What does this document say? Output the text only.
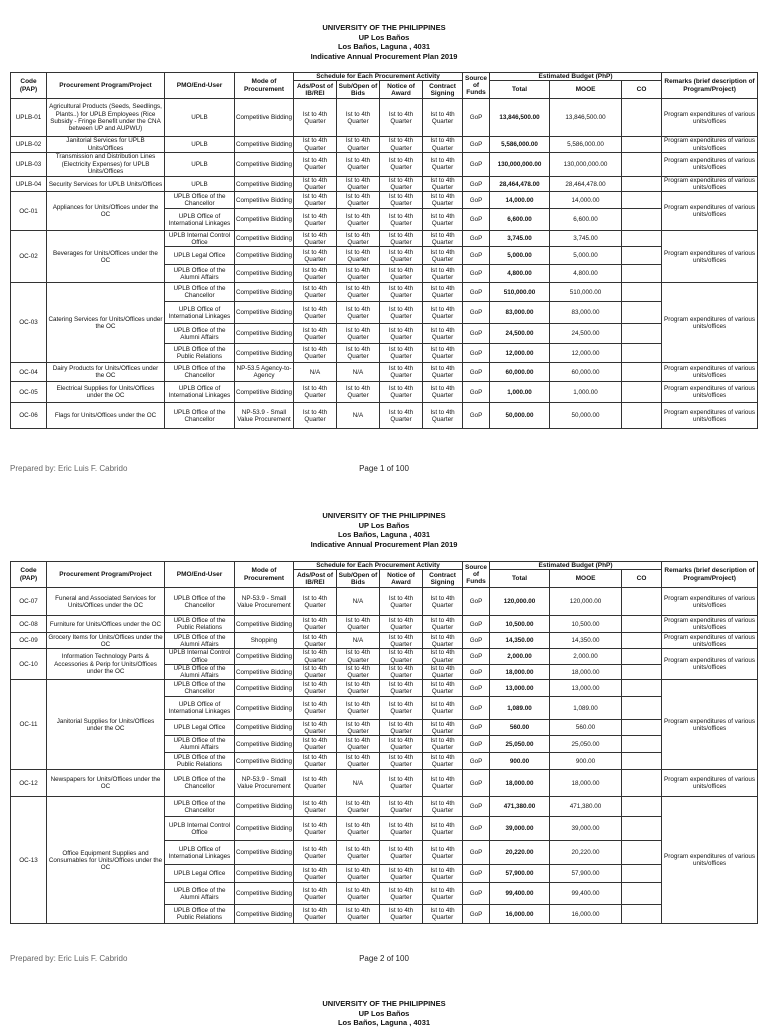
UNIVERSITY OF THE PHILIPPINES
UP Los Baños
Los Baños, Laguna , 4031
Indicative Annual Procurement Plan 2019
Code (PAP)	Procurement Program/Project	PMO/End-User	Mode of Procurement	Schedule for Each Procurement Activity				Source of Funds	Estimated Budget (PhP)			Remarks (brief description of Program/Project)
				Ads/Post of IB/REI	Sub/Open of Bids	Notice of Award	Contract Signing		Total	MOOE	CO	
UPLB-01	Agricultural Products (Seeds, Seedlings, Plants..) for UPLB Employees (Rice Subsidy - Fringe Benefit under the CNA between UP and AUPWU)	UPLB	Competitive Bidding	Ist to 4th Quarter	Ist to 4th Quarter	Ist to 4th Quarter	Ist to 4th Quarter	GoP	13,846,500.00	13,846,500.00		Program expenditures of various units/offices
UPLB-02	Janitorial Services for UPLB Units/Offices	UPLB	Competitive Bidding	Ist to 4th Quarter	Ist to 4th Quarter	Ist to 4th Quarter	Ist to 4th Quarter	GoP	5,586,000.00	5,586,000.00		Program expenditures of various units/offices
UPLB-03	Transmission and Distribution Lines (Electricity Expenses) for UPLB Units/Offices	UPLB	Competitive Bidding	Ist to 4th Quarter	Ist to 4th Quarter	Ist to 4th Quarter	Ist to 4th Quarter	GoP	130,000,000.00	130,000,000.00		Program expenditures of various units/offices
UPLB-04	Security Services for UPLB Units/Offices	UPLB	Competitive Bidding	Ist to 4th Quarter	Ist to 4th Quarter	Ist to 4th Quarter	Ist to 4th Quarter	GoP	28,464,478.00	28,464,478.00		Program expenditures of various units/offices
OC-01	Appliances for Units/Offices under the OC	UPLB Office of the Chancellor	Competitive Bidding	Ist to 4th Quarter	Ist to 4th Quarter	Ist to 4th Quarter	Ist to 4th Quarter	GoP	14,000.00	14,000.00		Program expenditures of various units/offices
		UPLB Office of International Linkages	Competitive Bidding	Ist to 4th Quarter	Ist to 4th Quarter	Ist to 4th Quarter	Ist to 4th Quarter	GoP	6,600.00	6,600.00		
OC-02	Beverages for Units/Offices under the OC	UPLB Internal Control Office	Competitive Bidding	Ist to 4th Quarter	Ist to 4th Quarter	Ist to 4th Quarter	Ist to 4th Quarter	GoP	3,745.00	3,745.00		Program expenditures of various units/offices
		UPLB Legal Office	Competitive Bidding	Ist to 4th Quarter	Ist to 4th Quarter	Ist to 4th Quarter	Ist to 4th Quarter	GoP	5,000.00	5,000.00		
		UPLB Office of the Alumni Affairs	Competitive Bidding	Ist to 4th Quarter	Ist to 4th Quarter	Ist to 4th Quarter	Ist to 4th Quarter	GoP	4,800.00	4,800.00		
OC-03	Catering Services for Units/Offices under the OC	UPLB Office of the Chancellor	Competitive Bidding	Ist to 4th Quarter	Ist to 4th Quarter	Ist to 4th Quarter	Ist to 4th Quarter	GoP	510,000.00	510,000.00		Program expenditures of various units/offices
		UPLB Office of International Linkages	Competitive Bidding	Ist to 4th Quarter	Ist to 4th Quarter	Ist to 4th Quarter	Ist to 4th Quarter	GoP	83,000.00	83,000.00		
		UPLB Office of the Alumni Affairs	Competitive Bidding	Ist to 4th Quarter	Ist to 4th Quarter	Ist to 4th Quarter	Ist to 4th Quarter	GoP	24,500.00	24,500.00		
		UPLB Office of the Public Relations	Competitive Bidding	Ist to 4th Quarter	Ist to 4th Quarter	Ist to 4th Quarter	Ist to 4th Quarter	GoP	12,000.00	12,000.00		
OC-04	Dairy Products for Units/Offices under the OC	UPLB Office of the Chancellor	NP-53.5 Agency-to-Agency	N/A	N/A	Ist to 4th Quarter	Ist to 4th Quarter	GoP	60,000.00	60,000.00		Program expenditures of various units/offices
OC-05	Electrical Supplies for Units/Offices under the OC	UPLB Office of International Linkages	Competitive Bidding	Ist to 4th Quarter	Ist to 4th Quarter	Ist to 4th Quarter	Ist to 4th Quarter	GoP	1,000.00	1,000.00		Program expenditures of various units/offices
OC-06	Flags for Units/Offices under the OC	UPLB Office of the Chancellor	NP-53.9 - Small Value Procurement	Ist to 4th Quarter	N/A	Ist to 4th Quarter	Ist to 4th Quarter	GoP	50,000.00	50,000.00		Program expenditures of various units/offices
Prepared by: Eric Luis F. Cabrido	Page 1 of 100
UNIVERSITY OF THE PHILIPPINES
UP Los Baños
Los Baños, Laguna , 4031
Indicative Annual Procurement Plan 2019
Code (PAP)	Procurement Program/Project	PMO/End-User	Mode of Procurement	Schedule for Each Procurement Activity				Source of Funds	Estimated Budget (PhP)			Remarks (brief description of Program/Project)
				Ads/Post of IB/REI	Sub/Open of Bids	Notice of Award	Contract Signing		Total	MOOE	CO	
OC-07	Funeral and Associated Services for Units/Offices under the OC	UPLB Office of the Chancellor	NP-53.9 - Small Value Procurement	Ist to 4th Quarter	N/A	Ist to 4th Quarter	Ist to 4th Quarter	GoP	120,000.00	120,000.00		Program expenditures of various units/offices
OC-08	Furniture for Units/Offices under the OC	UPLB Office of the Public Relations	Competitive Bidding	Ist to 4th Quarter	Ist to 4th Quarter	Ist to 4th Quarter	Ist to 4th Quarter	GoP	10,500.00	10,500.00		Program expenditures of various units/offices
OC-09	Grocery Items for Units/Offices under the OC	UPLB Office of the Alumni Affairs	Shopping	Ist to 4th Quarter	N/A	Ist to 4th Quarter	Ist to 4th Quarter	GoP	14,350.00	14,350.00		Program expenditures of various units/offices
OC-10	Information Technology Parts & Accessories & Perip for Units/Offices under the OC	UPLB Internal Control Office	Competitive Bidding	Ist to 4th Quarter	Ist to 4th Quarter	Ist to 4th Quarter	Ist to 4th Quarter	GoP	2,000.00	2,000.00		Program expenditures of various units/offices
		UPLB Office of the Alumni Affairs	Competitive Bidding	Ist to 4th Quarter	Ist to 4th Quarter	Ist to 4th Quarter	Ist to 4th Quarter	GoP	18,000.00	18,000.00		
OC-11	Janitorial Supplies for Units/Offices under the OC	UPLB Office of the Chancellor	Competitive Bidding	Ist to 4th Quarter	Ist to 4th Quarter	Ist to 4th Quarter	Ist to 4th Quarter	GoP	13,000.00	13,000.00		Program expenditures of various units/offices
		UPLB Office of International Linkages	Competitive Bidding	Ist to 4th Quarter	Ist to 4th Quarter	Ist to 4th Quarter	Ist to 4th Quarter	GoP	1,089.00	1,089.00		
		UPLB Legal Office	Competitive Bidding	Ist to 4th Quarter	Ist to 4th Quarter	Ist to 4th Quarter	Ist to 4th Quarter	GoP	560.00	560.00		
		UPLB Office of the Alumni Affairs	Competitive Bidding	Ist to 4th Quarter	Ist to 4th Quarter	Ist to 4th Quarter	Ist to 4th Quarter	GoP	25,050.00	25,050.00		
		UPLB Office of the Public Relations	Competitive Bidding	Ist to 4th Quarter	Ist to 4th Quarter	Ist to 4th Quarter	Ist to 4th Quarter	GoP	900.00	900.00		
OC-12	Newspapers for Units/Offices under the OC	UPLB Office of the Chancellor	NP-53.9 - Small Value Procurement	Ist to 4th Quarter	N/A	Ist to 4th Quarter	Ist to 4th Quarter	GoP	18,000.00	18,000.00		Program expenditures of various units/offices
OC-13	Office Equipment Supplies and Consumables for Units/Offices under the OC	UPLB Office of the Chancellor	Competitive Bidding	Ist to 4th Quarter	Ist to 4th Quarter	Ist to 4th Quarter	Ist to 4th Quarter	GoP	471,380.00	471,380.00		Program expenditures of various units/offices
		UPLB Internal Control Office	Competitive Bidding	Ist to 4th Quarter	Ist to 4th Quarter	Ist to 4th Quarter	Ist to 4th Quarter	GoP	39,000.00	39,000.00		
		UPLB Office of International Linkages	Competitive Bidding	Ist to 4th Quarter	Ist to 4th Quarter	Ist to 4th Quarter	Ist to 4th Quarter	GoP	20,220.00	20,220.00		
		UPLB Legal Office	Competitive Bidding	Ist to 4th Quarter	Ist to 4th Quarter	Ist to 4th Quarter	Ist to 4th Quarter	GoP	57,900.00	57,900.00		
		UPLB Office of the Alumni Affairs	Competitive Bidding	Ist to 4th Quarter	Ist to 4th Quarter	Ist to 4th Quarter	Ist to 4th Quarter	GoP	99,400.00	99,400.00		
		UPLB Office of the Public Relations	Competitive Bidding	Ist to 4th Quarter	Ist to 4th Quarter	Ist to 4th Quarter	Ist to 4th Quarter	GoP	16,000.00	16,000.00		
Prepared by: Eric Luis F. Cabrido	Page 2 of 100
UNIVERSITY OF THE PHILIPPINES
UP Los Baños
Los Baños, Laguna , 4031
